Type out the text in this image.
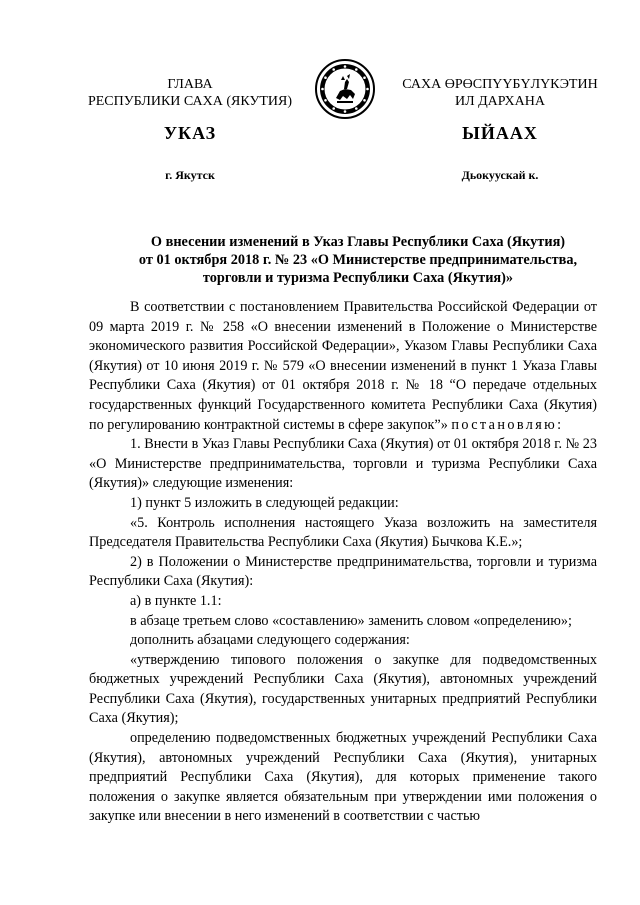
ГЛАВА
РЕСПУБЛИКИ САХА (ЯКУТИЯ)
САХА ӨРӨСПҮҮБҮЛҮКЭТИН
ИЛ ДАРХАНА
УКАЗ	ЫЙААХ
г. Якутск	Дьокуускай к.
О внесении изменений в Указ Главы Республики Саха (Якутия)
от 01 октября 2018 г. № 23 «О Министерстве предпринимательства,
торговли и туризма Республики Саха (Якутия)»

В соответствии с постановлением Правительства Российской Федерации от 09 марта 2019 г. № 258 «О внесении изменений в Положение о Министерстве экономического развития Российской Федерации», Указом Главы Республики Саха (Якутия) от 10 июня 2019 г. № 579 «О внесении изменений в пункт 1 Указа Главы Республики Саха (Якутия) от 01 октября 2018 г. № 18 “О передаче отдельных государственных функций Государственного комитета Республики Саха (Якутия) по регулированию контрактной системы в сфере закупок”» постановляю:

1. Внести в Указ Главы Республики Саха (Якутия) от 01 октября 2018 г. № 23 «О Министерстве предпринимательства, торговли и туризма Республики Саха (Якутия)» следующие изменения:

1) пункт 5 изложить в следующей редакции:

«5. Контроль исполнения настоящего Указа возложить на заместителя Председателя Правительства Республики Саха (Якутия) Бычкова К.Е.»;

2) в Положении о Министерстве предпринимательства, торговли и туризма Республики Саха (Якутия):

а) в пункте 1.1:

в абзаце третьем слово «составлению» заменить словом «определению»;

дополнить абзацами следующего содержания:

«утверждению типового положения о закупке для подведомственных бюджетных учреждений Республики Саха (Якутия), автономных учреждений Республики Саха (Якутия), государственных унитарных предприятий Республики Саха (Якутия);

определению подведомственных бюджетных учреждений Республики Саха (Якутия), автономных учреждений Республики Саха (Якутия), унитарных предприятий Республики Саха (Якутия), для которых применение такого положения о закупке является обязательным при утверждении ими положения о закупке или внесении в него изменений в соответствии с частью
